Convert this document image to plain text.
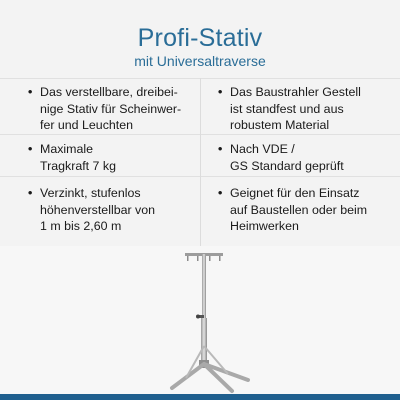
Profi-Stativ
mit Universaltraverse
• Das verstellbare, dreibei-
nige Stativ für Scheinwer-
fer und Leuchten
• Maximale
Tragkraft 7 kg
• Verzinkt, stufenlos
höhenverstellbar von
1 m bis 2,60 m
• Das Baustrahler Gestell
ist standfest und aus
robustem Material
• Nach VDE /
GS Standard geprüft
• Geignet für den Einsatz
auf Baustellen oder beim
Heimwerken
